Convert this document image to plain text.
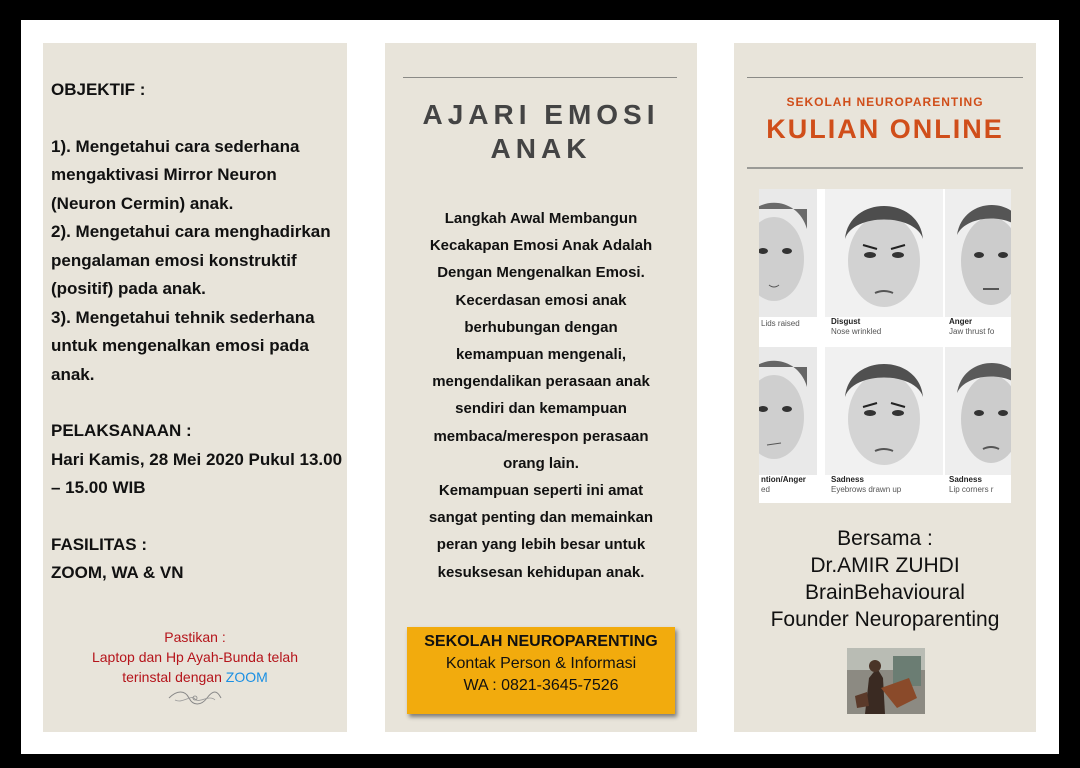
OBJEKTIF :
1). Mengetahui cara sederhana mengaktivasi Mirror Neuron (Neuron Cermin) anak.
2). Mengetahui cara menghadirkan pengalaman emosi konstruktif (positif) pada anak.
3). Mengetahui tehnik sederhana untuk mengenalkan emosi pada anak.
PELAKSANAAN :
Hari Kamis, 28 Mei 2020 Pukul 13.00 – 15.00 WIB
FASILITAS :
ZOOM, WA & VN
Pastikan :
Laptop dan Hp Ayah-Bunda telah
terinstal dengan ZOOM
AJARI EMOSI
ANAK
Langkah Awal Membangun
Kecakapan Emosi Anak Adalah
Dengan Mengenalkan Emosi.
Kecerdasan emosi anak
berhubungan dengan
kemampuan mengenali,
mengendalikan perasaan anak
sendiri dan kemampuan
membaca/merespon perasaan
orang lain.
Kemampuan seperti ini amat
sangat penting dan memainkan
peran yang lebih besar untuk
kesuksesan kehidupan anak.
SEKOLAH NEUROPARENTING
Kontak Person & Informasi
WA : 0821-3645-7526
SEKOLAH NEUROPARENTING
KULIAN ONLINE
Lids raised	Disgust
Nose wrinkled
Anger
Jaw thrust fo
ntion/Anger
ed
Sadness
Eyebrows drawn up
Sadness
Lip corners r
Bersama :
Dr.AMIR ZUHDI
BrainBehavioural
Founder Neuroparenting
